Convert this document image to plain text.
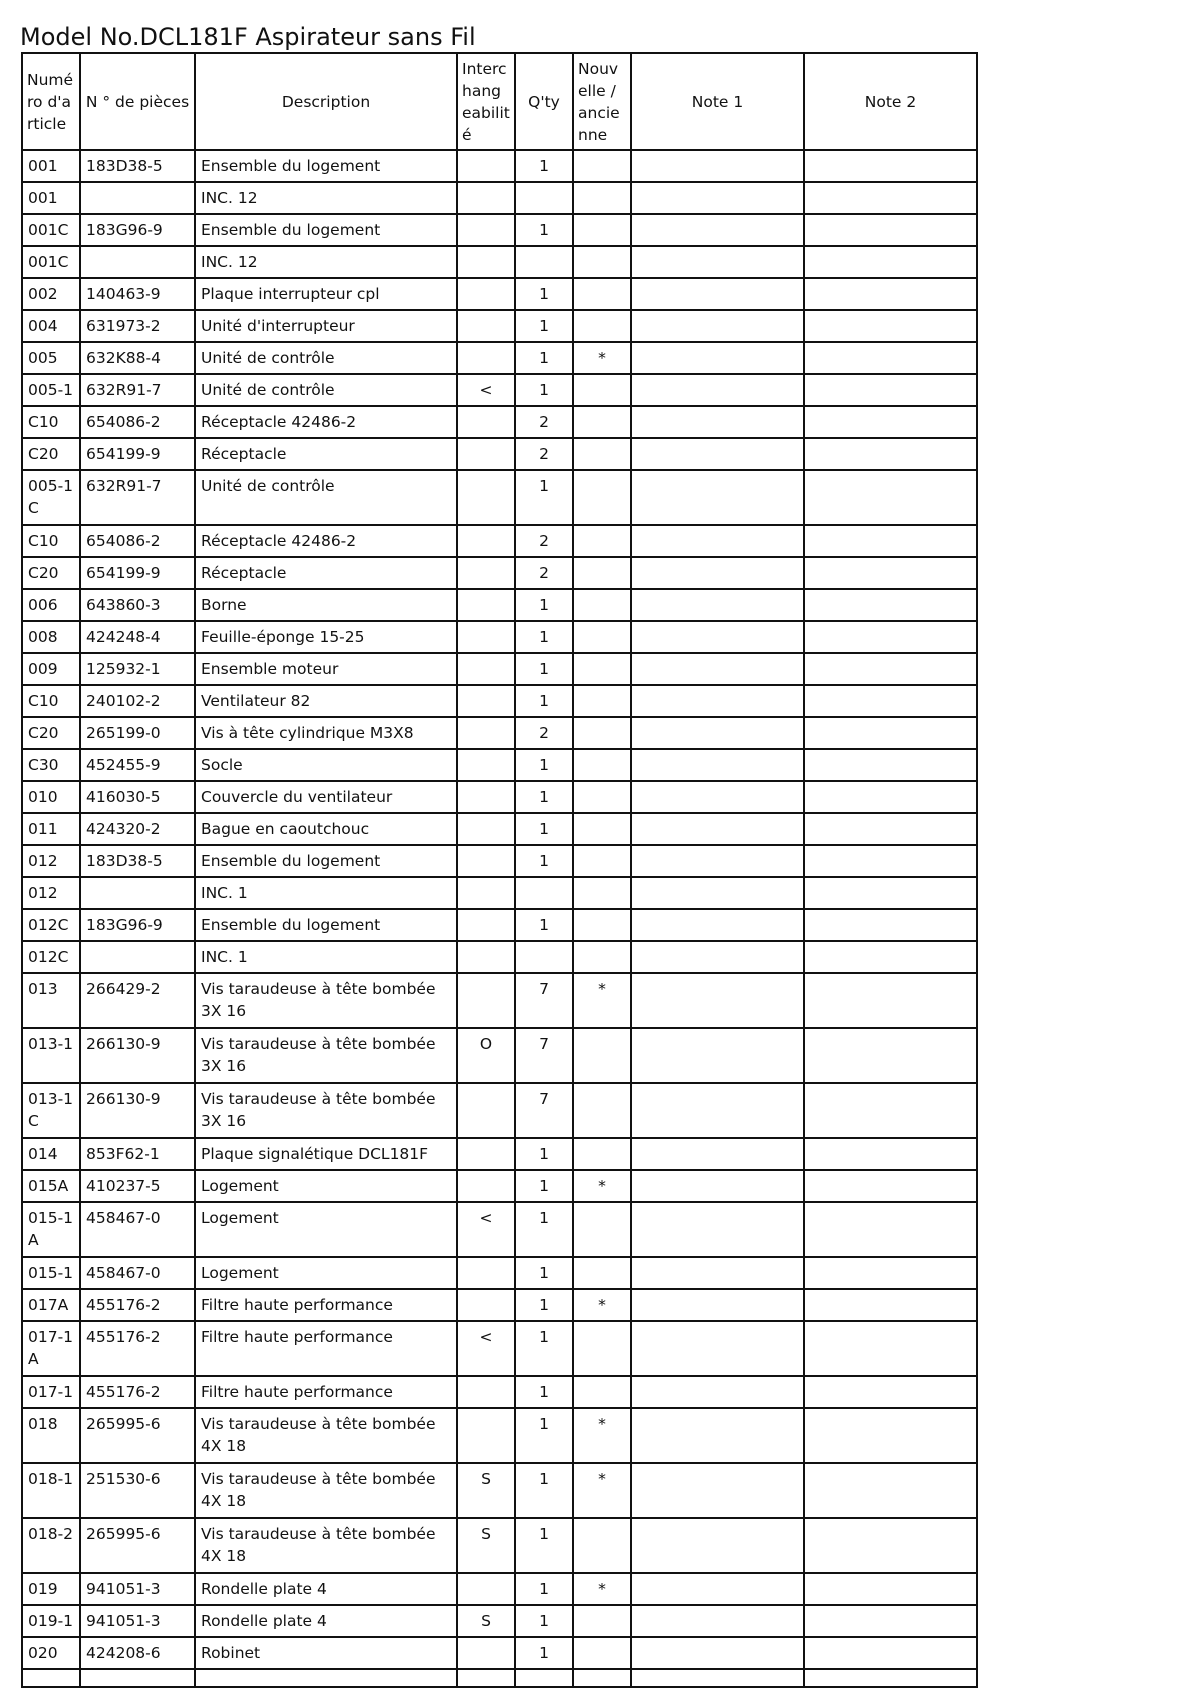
Model No.DCL181F Aspirateur sans Fil
Numé ro d'a rticle	N ° de pièces	Description	Interc hang eabilit é	Q'ty	Nouv elle / ancie nne	Note 1	Note 2
001	183D38-5	Ensemble du logement		1			
001		INC. 12					
001C	183G96-9	Ensemble du logement		1			
001C		INC. 12					
002	140463-9	Plaque interrupteur cpl		1			
004	631973-2	Unité d'interrupteur		1			
005	632K88-4	Unité de contrôle		1	*		
005-1	632R91-7	Unité de contrôle	<	1			
C10	654086-2	Réceptacle 42486-2		2			
C20	654199-9	Réceptacle		2			
005-1 C	632R91-7	Unité de contrôle		1			
C10	654086-2	Réceptacle 42486-2		2			
C20	654199-9	Réceptacle		2			
006	643860-3	Borne		1			
008	424248-4	Feuille-éponge 15-25		1			
009	125932-1	Ensemble moteur		1			
C10	240102-2	Ventilateur 82		1			
C20	265199-0	Vis à tête cylindrique M3X8		2			
C30	452455-9	Socle		1			
010	416030-5	Couvercle du ventilateur		1			
011	424320-2	Bague en caoutchouc		1			
012	183D38-5	Ensemble du logement		1			
012		INC. 1					
012C	183G96-9	Ensemble du logement		1			
012C		INC. 1					
013	266429-2	Vis taraudeuse à tête bombée 3X 16		7	*		
013-1	266130-9	Vis taraudeuse à tête bombée 3X 16	O	7			
013-1 C	266130-9	Vis taraudeuse à tête bombée 3X 16		7			
014	853F62-1	Plaque signalétique DCL181F		1			
015A	410237-5	Logement		1	*		
015-1 A	458467-0	Logement	<	1			
015-1	458467-0	Logement		1			
017A	455176-2	Filtre haute performance		1	*		
017-1 A	455176-2	Filtre haute performance	<	1			
017-1	455176-2	Filtre haute performance		1			
018	265995-6	Vis taraudeuse à tête bombée 4X 18		1	*		
018-1	251530-6	Vis taraudeuse à tête bombée 4X 18	S	1	*		
018-2	265995-6	Vis taraudeuse à tête bombée 4X 18	S	1			
019	941051-3	Rondelle plate 4		1	*		
019-1	941051-3	Rondelle plate 4	S	1			
020	424208-6	Robinet		1			
